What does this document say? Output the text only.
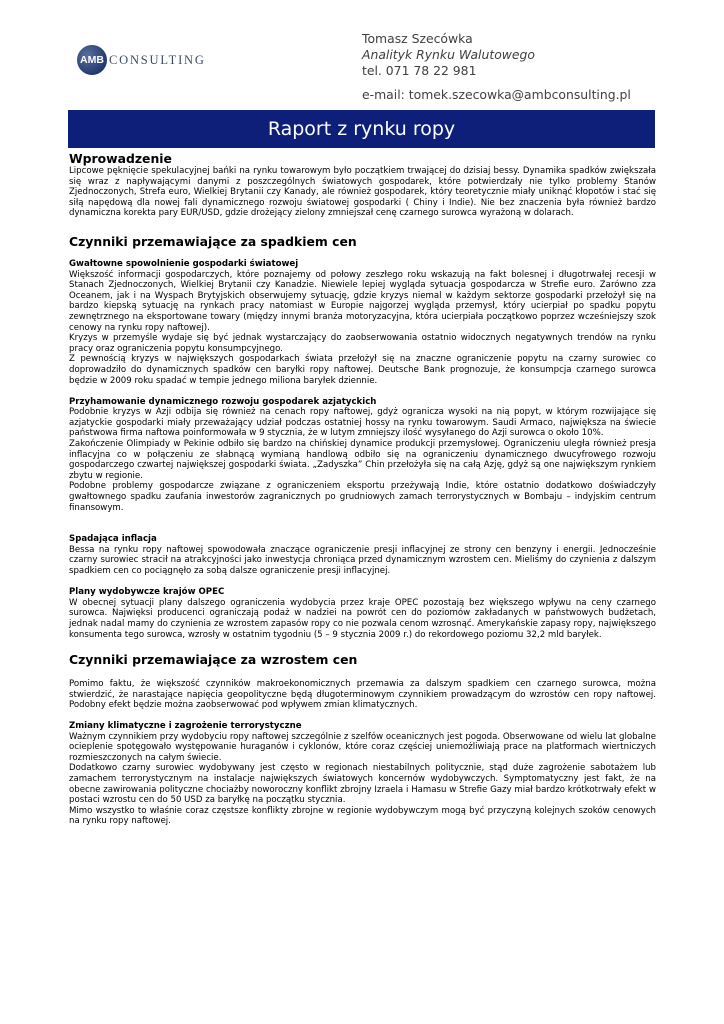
AMB CONSULTING
Tomasz Szecówka
Analityk Rynku Walutowego
tel. 071 78 22 981
e-mail: tomek.szecowka@ambconsulting.pl
Raport z rynku ropy
Wprowadzenie

Lipcowe pęknięcie spekulacyjnej bańki na rynku towarowym było początkiem trwającej do dzisiaj bessy. Dynamika spadków zwiększała się wraz z napływającymi danymi z poszczególnych światowych gospodarek, które potwierdzały nie tylko problemy Stanów Zjednoczonych, Strefa euro, Wielkiej Brytanii czy Kanady, ale również gospodarek, który teoretycznie miały uniknąć kłopotów i stać się siłą napędową dla nowej fali dynamicznego rozwoju światowej gospodarki ( Chiny i Indie). Nie bez znaczenia była również bardzo dynamiczna korekta pary EUR/USD, gdzie drożejący zielony zmniejszał cenę czarnego surowca wyrażoną w dolarach.

Czynniki przemawiające za spadkiem cen
Gwałtowne spowolnienie gospodarki światowej

Większość informacji gospodarczych, które poznajemy od połowy zeszłego roku wskazują na fakt bolesnej i długotrwałej recesji w Stanach Zjednoczonych, Wielkiej Brytanii czy Kanadzie. Niewiele lepiej wygląda sytuacja gospodarcza w Strefie euro. Zarówno zza Oceanem, jak i na Wyspach Brytyjskich obserwujemy sytuację, gdzie kryzys niemal w każdym sektorze gospodarki przełożył się na bardzo kiepską sytuację na rynkach pracy natomiast w Europie najgorzej wygląda przemysł, który ucierpiał po spadku popytu zewnętrznego na eksportowane towary (między innymi branża motoryzacyjna, która ucierpiała początkowo poprzez wcześniejszy szok cenowy na rynku ropy naftowej).

Kryzys w przemyśle wydaje się być jednak wystarczający do zaobserwowania ostatnio widocznych negatywnych trendów na rynku pracy oraz ograniczenia popytu konsumpcyjnego.

Z pewnością kryzys w największych gospodarkach świata przełożył się na znaczne ograniczenie popytu na czarny surowiec co doprowadziło do dynamicznych spadków cen baryłki ropy naftowej. Deutsche Bank prognozuje, że konsumpcja czarnego surowca będzie w 2009 roku spadać w tempie jednego miliona baryłek dziennie.

Przyhamowanie dynamicznego rozwoju gospodarek azjatyckich

Podobnie kryzys w Azji odbija się również na cenach ropy naftowej, gdyż ogranicza wysoki na nią popyt, w którym rozwijające się azjatyckie gospodarki miały przeważający udział podczas ostatniej hossy na rynku towarowym. Saudi Armaco, największa na świecie państwowa firma naftowa poinformowała w 9 stycznia, że w lutym zmniejszy ilość wysyłanego do Azji surowca o około 10%.

Zakończenie Olimpiady w Pekinie odbiło się bardzo na chińskiej dynamice produkcji przemysłowej. Ograniczeniu uległa również presja inflacyjna co w połączeniu ze słabnącą wymianą handlową odbiło się na ograniczeniu dynamicznego dwucyfrowego rozwoju gospodarczego czwartej największej gospodarki świata. „Zadyszka” Chin przełożyła się na całą Azję, gdyż są one największym rynkiem zbytu w regionie.

Podobne problemy gospodarcze związane z ograniczeniem eksportu przeżywają Indie, które ostatnio dodatkowo doświadczyły gwałtownego spadku zaufania inwestorów zagranicznych po grudniowych zamach terrorystycznych w Bombaju – indyjskim centrum finansowym.

Spadająca inflacja

Bessa na rynku ropy naftowej spowodowała znaczące ograniczenie presji inflacyjnej ze strony cen benzyny i energii. Jednocześnie czarny surowiec stracił na atrakcyjności jako inwestycja chroniąca przed dynamicznym wzrostem cen. Mieliśmy do czynienia z dalszym spadkiem cen co pociągnęło za sobą dalsze ograniczenie presji inflacyjnej.

Plany wydobywcze krajów OPEC

W obecnej sytuacji plany dalszego ograniczenia wydobycia przez kraje OPEC pozostają bez większego wpływu na ceny czarnego surowca. Najwięksi producenci ograniczają podaż w nadziei na powrót cen do poziomów zakładanych w państwowych budżetach, jednak nadal mamy do czynienia ze wzrostem zapasów ropy co nie pozwala cenom wzrosnąć. Amerykańskie zapasy ropy, największego konsumenta tego surowca, wzrosły w ostatnim tygodniu (5 – 9 stycznia 2009 r.) do rekordowego poziomu 32,2 mld baryłek.

Czynniki przemawiające za wzrostem cen

Pomimo faktu, że większość czynników makroekonomicznych przemawia za dalszym spadkiem cen czarnego surowca, można stwierdzić, że narastające napięcia geopolityczne będą długoterminowym czynnikiem prowadzącym do wzrostów cen ropy naftowej. Podobny efekt będzie można zaobserwować pod wpływem zmian klimatycznych.

Zmiany klimatyczne i zagrożenie terrorystyczne

Ważnym czynnikiem przy wydobyciu ropy naftowej szczególnie z szelfów oceanicznych jest pogoda. Obserwowane od wielu lat globalne ocieplenie spotęgowało występowanie huraganów i cyklonów, które coraz częściej uniemożliwiają prace na platformach wiertniczych rozmieszczonych na całym świecie.

Dodatkowo czarny surowiec wydobywany jest często w regionach niestabilnych politycznie, stąd duże zagrożenie sabotażem lub zamachem terrorystycznym na instalacje największych światowych koncernów wydobywczych. Symptomatyczny jest fakt, że na obecne zawirowania polityczne chociażby noworoczny konflikt zbrojny Izraela i Hamasu w Strefie Gazy miał bardzo krótkotrwały efekt w postaci wzrostu cen do 50 USD za baryłkę na początku stycznia.

Mimo wszystko to właśnie coraz częstsze konflikty zbrojne w regionie wydobywczym mogą być przyczyną kolejnych szoków cenowych na rynku ropy naftowej.
